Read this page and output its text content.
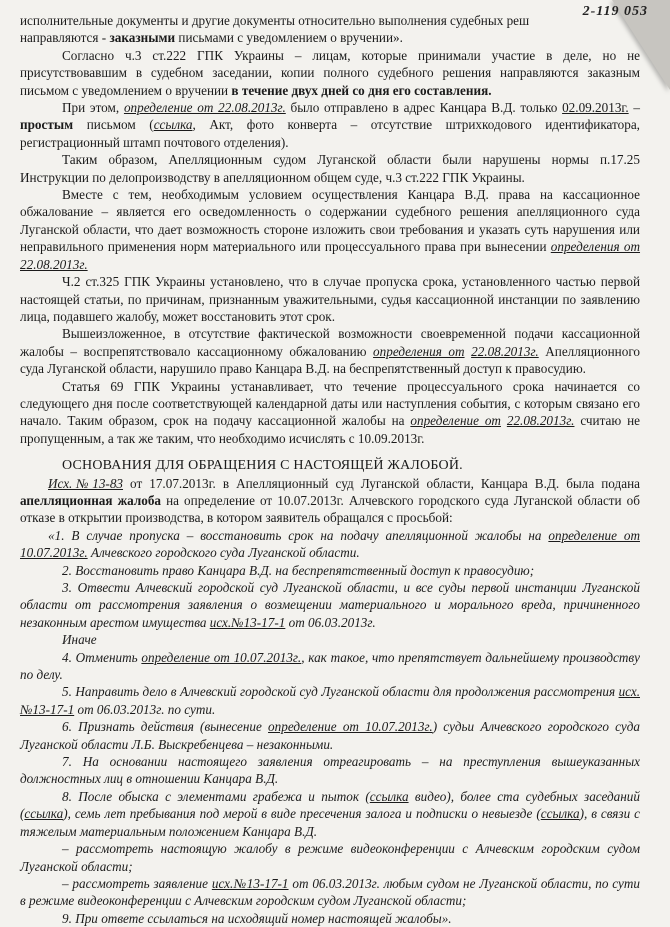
2-119 053

исполнительные документы и другие документы относительно выполнения судебных реш
направляются - заказными письмами с уведомлением о вручении».

Согласно ч.3 ст.222 ГПК Украины – лицам, которые принимали участие в деле, но не присутствовавшим в судебном заседании, копии полного судебного решения направляются заказным письмом с уведомлением о вручении в течение двух дней со дня его составления.

При этом, определение от 22.08.2013г. было отправлено в адрес Канцара В.Д. только 02.09.2013г. – простым письмом (ссылка, Акт, фото конверта – отсутствие штрихкодового идентификатора, регистрационный штамп почтового отделения).

Таким образом, Апелляционным судом Луганской области были нарушены нормы п.17.25 Инструкции по делопроизводству в апелляционном общем суде, ч.3 ст.222 ГПК Украины.

Вместе с тем, необходимым условием осуществления Канцара В.Д. права на кассационное обжалование – является его осведомленность о содержании судебного решения апелляционного суда Луганской области, что дает возможность стороне изложить свои требования и указать суть нарушения или неправильного применения норм материального или процессуального права при вынесении определения от 22.08.2013г.

Ч.2 ст.325 ГПК Украины установлено, что в случае пропуска срока, установленного частью первой настоящей статьи, по причинам, признанным уважительными, судья кассационной инстанции по заявлению лица, подавшего жалобу, может восстановить этот срок.

Вышеизложенное, в отсутствие фактической возможности своевременной подачи кассационной жалобы – воспрепятствовало кассационному обжалованию определения от 22.08.2013г. Апелляционного суда Луганской области, нарушило право Канцара В.Д. на беспрепятственный доступ к правосудию.

Статья 69 ГПК Украины устанавливает, что течение процессуального срока начинается со следующего дня после соответствующей календарной даты или наступления события, с которым связано его начало. Таким образом, срок на подачу кассационной жалобы на определение от 22.08.2013г. считаю не пропущенным, а так же таким, что необходимо исчислять с 10.09.2013г.

ОСНОВАНИЯ ДЛЯ ОБРАЩЕНИЯ С НАСТОЯЩЕЙ ЖАЛОБОЙ.

Исх.№13-83 от 17.07.2013г. в Апелляционный суд Луганской области, Канцара В.Д. была подана апелляционная жалоба на определение от 10.07.2013г. Алчевского городского суда Луганской области об отказе в открытии производства, в котором заявитель обращался с просьбой:

«1. В случае пропуска – восстановить срок на подачу апелляционной жалобы на определение от 10.07.2013г. Алчевского городского суда Луганской области.

2. Восстановить право Канцара В.Д. на беспрепятственный доступ к правосудию;

3. Отвести Алчевский городской суд Луганской области, и все суды первой инстанции Луганской области от рассмотрения заявления о возмещении материального и морального вреда, причиненного незаконным арестом имущества исх.№13-17-1 от 06.03.2013г.

Иначе

4. Отменить определение от 10.07.2013г., как такое, что препятствует дальнейшему производству по делу.

5. Направить дело в Алчевский городской суд Луганской области для продолжения рассмотрения исх.№13-17-1 от 06.03.2013г. по сути.

6. Признать действия (вынесение определение от 10.07.2013г.) судьи Алчевского городского суда Луганской области Л.Б. Выскребенцева – незаконными.

7. На основании настоящего заявления отреагировать – на преступления вышеуказанных должностных лиц в отношении Канцара В.Д.

8. После обыска с элементами грабежа и пыток (ссылка видео), более ста судебных заседаний (ссылка), семь лет пребывания под мерой в виде пресечения залога и подписки о невыезде (ссылка), в связи с тяжелым материальным положением Канцара В.Д.

– рассмотреть настоящую жалобу в режиме видеоконференции с Алчевским городским судом Луганской области;

– рассмотреть заявление исх.№13-17-1 от 06.03.2013г. любым судом не Луганской области, по сути в режиме видеоконференции с Алчевским городским судом Луганской области;

9. При ответе ссылаться на исходящий номер настоящей жалобы».
